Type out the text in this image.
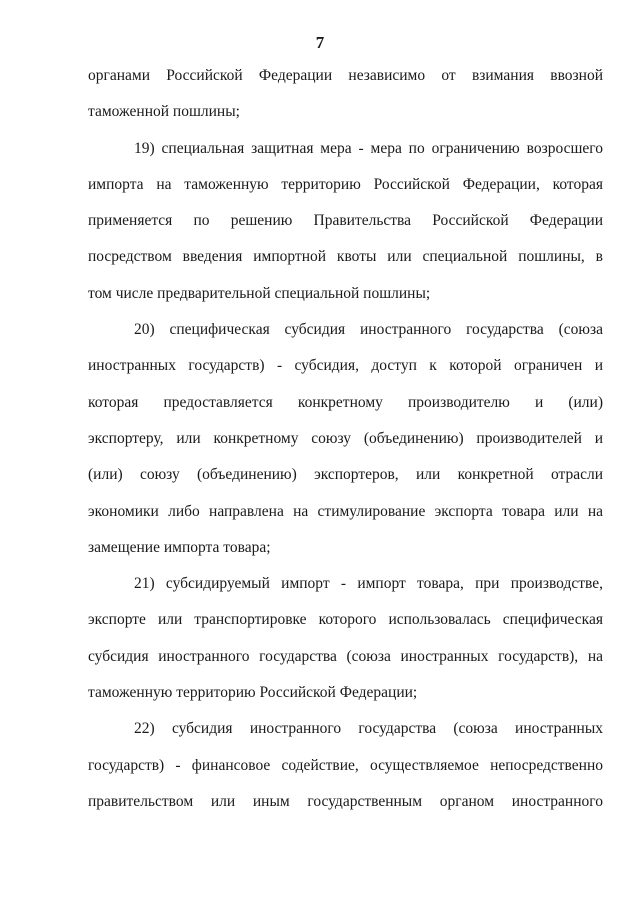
7
органами Российской Федерации независимо от взимания ввозной
таможенной пошлины;
19) специальная защитная мера - мера по ограничению возросшего
импорта на таможенную территорию Российской Федерации, которая
применяется по решению Правительства Российской Федерации
посредством введения импортной квоты или специальной пошлины, в
том числе предварительной специальной пошлины;
20) специфическая субсидия иностранного государства (союза
иностранных государств) - субсидия, доступ к которой ограничен и
которая предоставляется конкретному производителю и (или)
экспортеру, или конкретному союзу (объединению) производителей и
(или) союзу (объединению) экспортеров, или конкретной отрасли
экономики либо направлена на стимулирование экспорта товара или на
замещение импорта товара;
21) субсидируемый импорт - импорт товара, при производстве,
экспорте или транспортировке которого использовалась специфическая
субсидия иностранного государства (союза иностранных государств), на
таможенную территорию Российской Федерации;
22) субсидия иностранного государства (союза иностранных
государств) - финансовое содействие, осуществляемое непосредственно
правительством или иным государственным органом иностранного
